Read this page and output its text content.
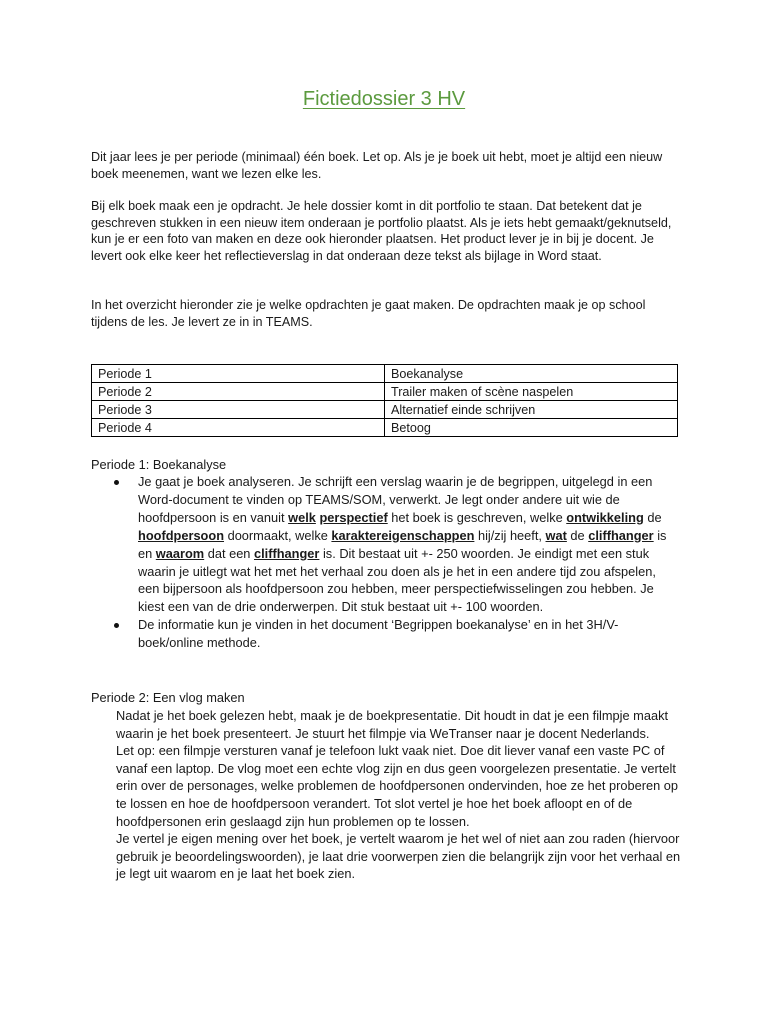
Fictiedossier 3 HV

Dit jaar lees je per periode (minimaal) één boek. Let op. Als je je boek uit hebt, moet je altijd een nieuw boek meenemen, want we lezen elke les.

Bij elk boek maak een je opdracht. Je hele dossier komt in dit portfolio te staan. Dat betekent dat je geschreven stukken in een nieuw item onderaan je portfolio plaatst. Als je iets hebt gemaakt/geknutseld, kun je er een foto van maken en deze ook hieronder plaatsen. Het product lever je in bij je docent. Je levert ook elke keer het reflectieverslag in dat onderaan deze tekst als bijlage in Word staat.

In het overzicht hieronder zie je welke opdrachten je gaat maken. De opdrachten maak je op school tijdens de les. Je levert ze in in TEAMS.

Periode 1	Boekanalyse
Periode 2	Trailer maken of scène naspelen
Periode 3	Alternatief einde schrijven
Periode 4	Betoog
Periode 1: Boekanalyse
Je gaat je boek analyseren. Je schrijft een verslag waarin je de begrippen, uitgelegd in een Word-document te vinden op TEAMS/SOM, verwerkt. Je legt onder andere uit wie de hoofdpersoon is en vanuit welk perspectief het boek is geschreven, welke ontwikkeling de hoofdpersoon doormaakt, welke karaktereigenschappen hij/zij heeft, wat de cliffhanger is en waarom dat een cliffhanger is. Dit bestaat uit +- 250 woorden. Je eindigt met een stuk waarin je uitlegt wat het met het verhaal zou doen als je het in een andere tijd zou afspelen, een bijpersoon als hoofdpersoon zou hebben, meer perspectiefwisselingen zou hebben. Je kiest een van de drie onderwerpen. Dit stuk bestaat uit +- 100 woorden.
De informatie kun je vinden in het document ‘Begrippen boekanalyse’ en in het 3H/V-boek/online methode.
Periode 2: Een vlog maken
Nadat je het boek gelezen hebt, maak je de boekpresentatie. Dit houdt in dat je een filmpje maakt waarin je het boek presenteert. Je stuurt het filmpje via WeTranser naar je docent Nederlands.
Let op: een filmpje versturen vanaf je telefoon lukt vaak niet. Doe dit liever vanaf een vaste PC of vanaf een laptop. De vlog moet een echte vlog zijn en dus geen voorgelezen presentatie. Je vertelt erin over de personages, welke problemen de hoofdpersonen ondervinden, hoe ze het proberen op te lossen en hoe de hoofdpersoon verandert. Tot slot vertel je hoe het boek afloopt en of de hoofdpersonen erin geslaagd zijn hun problemen op te lossen.
Je vertel je eigen mening over het boek, je vertelt waarom je het wel of niet aan zou raden (hiervoor gebruik je beoordelingswoorden), je laat drie voorwerpen zien die belangrijk zijn voor het verhaal en je legt uit waarom en je laat het boek zien.
